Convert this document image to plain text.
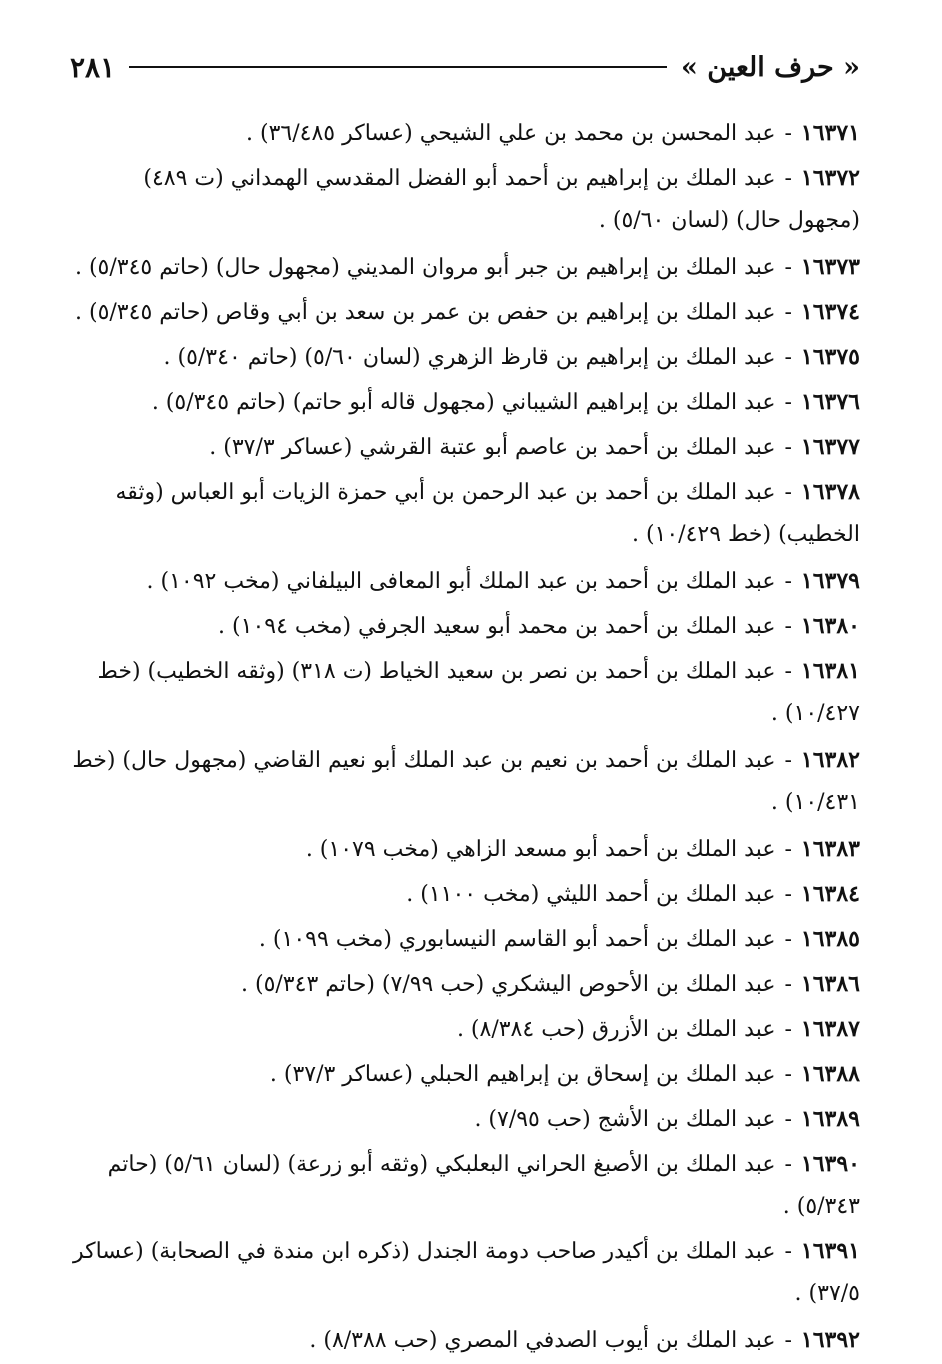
« حرف العين »
٢٨١
١٦٣٧١ - عبد المحسن بن محمد بن علي الشيحي (عساكر ٣٦/٤٨٥) .
١٦٣٧٢ - عبد الملك بن إبراهيم بن أحمد أبو الفضل المقدسي الهمداني (ت ٤٨٩) (مجهول حال) (لسان ٥/٦٠) .
١٦٣٧٣ - عبد الملك بن إبراهيم بن جبر أبو مروان المديني (مجهول حال) (حاتم ٥/٣٤٥) .
١٦٣٧٤ - عبد الملك بن إبراهيم بن حفص بن عمر بن سعد بن أبي وقاص (حاتم ٥/٣٤٥) .
١٦٣٧٥ - عبد الملك بن إبراهيم بن قارظ الزهري (لسان ٥/٦٠) (حاتم ٥/٣٤٠) .
١٦٣٧٦ - عبد الملك بن إبراهيم الشيباني (مجهول قاله أبو حاتم) (حاتم ٥/٣٤٥) .
١٦٣٧٧ - عبد الملك بن أحمد بن عاصم أبو عتبة القرشي (عساكر ٣٧/٣) .
١٦٣٧٨ - عبد الملك بن أحمد بن عبد الرحمن بن أبي حمزة الزيات أبو العباس (وثقه الخطيب) (خط ١٠/٤٢٩) .
١٦٣٧٩ - عبد الملك بن أحمد بن عبد الملك أبو المعافى البيلفاني (مخب ١٠٩٢) .
١٦٣٨٠ - عبد الملك بن أحمد بن محمد أبو سعيد الجرفي (مخب ١٠٩٤) .
١٦٣٨١ - عبد الملك بن أحمد بن نصر بن سعيد الخياط (ت ٣١٨) (وثقه الخطيب) (خط ١٠/٤٢٧) .
١٦٣٨٢ - عبد الملك بن أحمد بن نعيم بن عبد الملك أبو نعيم القاضي (مجهول حال) (خط ١٠/٤٣١) .
١٦٣٨٣ - عبد الملك بن أحمد أبو مسعد الزاهي (مخب ١٠٧٩) .
١٦٣٨٤ - عبد الملك بن أحمد الليثي (مخب ١١٠٠) .
١٦٣٨٥ - عبد الملك بن أحمد أبو القاسم النيسابوري (مخب ١٠٩٩) .
١٦٣٨٦ - عبد الملك بن الأحوص اليشكري (حب ٧/٩٩) (حاتم ٥/٣٤٣) .
١٦٣٨٧ - عبد الملك بن الأزرق (حب ٨/٣٨٤) .
١٦٣٨٨ - عبد الملك بن إسحاق بن إبراهيم الحبلي (عساكر ٣٧/٣) .
١٦٣٨٩ - عبد الملك بن الأشج (حب ٧/٩٥) .
١٦٣٩٠ - عبد الملك بن الأصبغ الحراني البعلبكي (وثقه أبو زرعة) (لسان ٥/٦١) (حاتم ٥/٣٤٣) .
١٦٣٩١ - عبد الملك بن أكيدر صاحب دومة الجندل (ذكره ابن مندة في الصحابة) (عساكر ٣٧/٥) .
١٦٣٩٢ - عبد الملك بن أيوب الصدفي المصري (حب ٨/٣٨٨) .
